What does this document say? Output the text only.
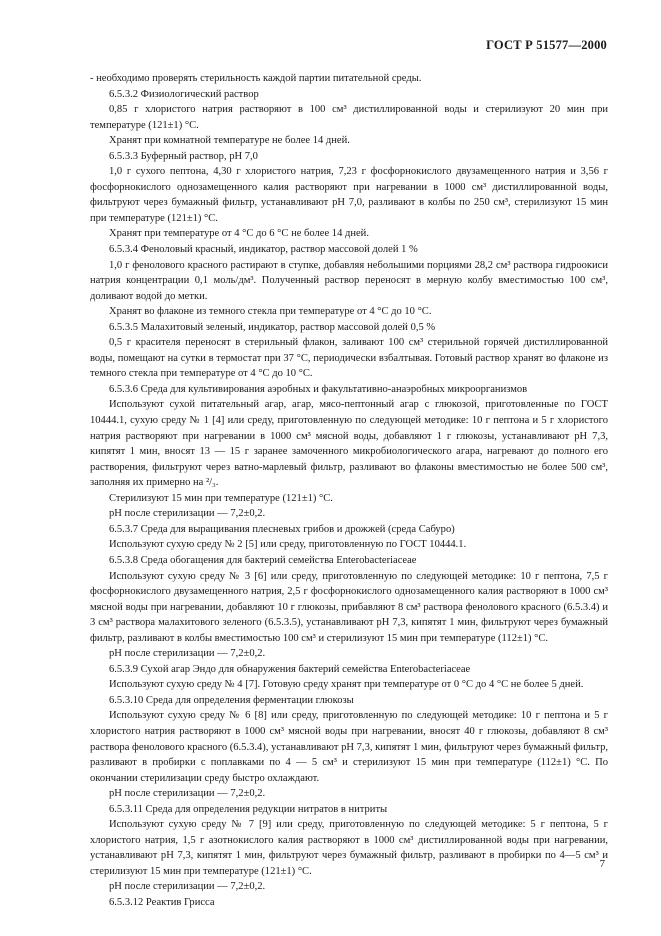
ГОСТ Р 51577—2000

- необходимо проверять стерильность каждой партии питательной среды.

6.5.3.2 Физиологический раствор

0,85 г хлористого натрия растворяют в 100 см³ дистиллированной воды и стерилизуют 20 мин при температуре (121±1) °С.

Хранят при комнатной температуре не более 14 дней.

6.5.3.3 Буферный раствор, рН 7,0

1,0 г сухого пептона, 4,30 г хлористого натрия, 7,23 г фосфорнокислого двузамещенного натрия и 3,56 г фосфорнокислого однозамещенного калия растворяют при нагревании в 1000 см³ дистиллированной воды, фильтруют через бумажный фильтр, устанавливают рН 7,0, разливают в колбы по 250 см³, стерилизуют 15 мин при температуре (121±1) °С.

Хранят при температуре от 4 °С до 6 °С не более 14 дней.

6.5.3.4 Феноловый красный, индикатор, раствор массовой долей 1 %

1,0 г фенолового красного растирают в ступке, добавляя небольшими порциями 28,2 см³ раствора гидроокиси натрия концентрации 0,1 моль/дм³. Полученный раствор переносят в мерную колбу вместимостью 100 см³, доливают водой до метки.

Хранят во флаконе из темного стекла при температуре от 4 °С до 10 °С.

6.5.3.5 Малахитовый зеленый, индикатор, раствор массовой долей 0,5 %

0,5 г красителя переносят в стерильный флакон, заливают 100 см³ стерильной горячей дистиллированной воды, помещают на сутки в термостат при 37 °С, периодически взбалтывая. Готовый раствор хранят во флаконе из темного стекла при температуре от 4 °С до 10 °С.

6.5.3.6 Среда для культивирования аэробных и факультативно-анаэробных микроорганизмов

Используют сухой питательный агар, агар, мясо-пептонный агар с глюкозой, приготовленные по ГОСТ 10444.1, сухую среду № 1 [4] или среду, приготовленную по следующей методике: 10 г пептона и 5 г хлористого натрия растворяют при нагревании в 1000 см³ мясной воды, добавляют 1 г глюкозы, устанавливают рН 7,3, кипятят 1 мин, вносят 13 — 15 г заранее замоченного микробиологического агара, нагревают до полного его растворения, фильтруют через ватно-марлевый фильтр, разливают во флаконы вместимостью не более 500 см³, заполняя их примерно на ²/₃.

Стерилизуют 15 мин при температуре (121±1) °С.

рН после стерилизации — 7,2±0,2.

6.5.3.7 Среда для выращивания плесневых грибов и дрожжей (среда Сабуро)

Используют сухую среду № 2 [5] или среду, приготовленную по ГОСТ 10444.1.

6.5.3.8 Среда обогащения для бактерий семейства Enterobacteriaceae

Используют сухую среду № 3 [6] или среду, приготовленную по следующей методике: 10 г пептона, 7,5 г фосфорнокислого двузамещенного натрия, 2,5 г фосфорнокислого однозамещенного калия растворяют в 1000 см³ мясной воды при нагревании, добавляют 10 г глюкозы, прибавляют 8 см³ раствора фенолового красного (6.5.3.4) и 3 см³ раствора малахитового зеленого (6.5.3.5), устанавливают рН 7,3, кипятят 1 мин, фильтруют через бумажный фильтр, разливают в колбы вместимостью 100 см³ и стерилизуют 15 мин при температуре (112±1) °С.

рН после стерилизации — 7,2±0,2.

6.5.3.9 Сухой агар Эндо для обнаружения бактерий семейства Enterobacteriaceae

Используют сухую среду № 4 [7]. Готовую среду хранят при температуре от 0 °С до 4 °С не более 5 дней.

6.5.3.10 Среда для определения ферментации глюкозы

Используют сухую среду № 6 [8] или среду, приготовленную по следующей методике: 10 г пептона и 5 г хлористого натрия растворяют в 1000 см³ мясной воды при нагревании, вносят 40 г глюкозы, добавляют 8 см³ раствора фенолового красного (6.5.3.4), устанавливают рН 7,3, кипятят 1 мин, фильтруют через бумажный фильтр, разливают в пробирки с поплавками по 4 — 5 см³ и стерилизуют 15 мин при температуре (112±1) °С. По окончании стерилизации среду быстро охлаждают.

рН после стерилизации — 7,2±0,2.

6.5.3.11 Среда для определения редукции нитратов в нитриты

Используют сухую среду № 7 [9] или среду, приготовленную по следующей методике: 5 г пептона, 5 г хлористого натрия, 1,5 г азотнокислого калия растворяют в 1000 см³ дистиллированной воды при нагревании, устанавливают рН 7,3, кипятят 1 мин, фильтруют через бумажный фильтр, разливают в пробирки по 4—5 см³ и стерилизуют 15 мин при температуре (121±1) °С.

рН после стерилизации — 7,2±0,2.

6.5.3.12 Реактив Грисса

7
